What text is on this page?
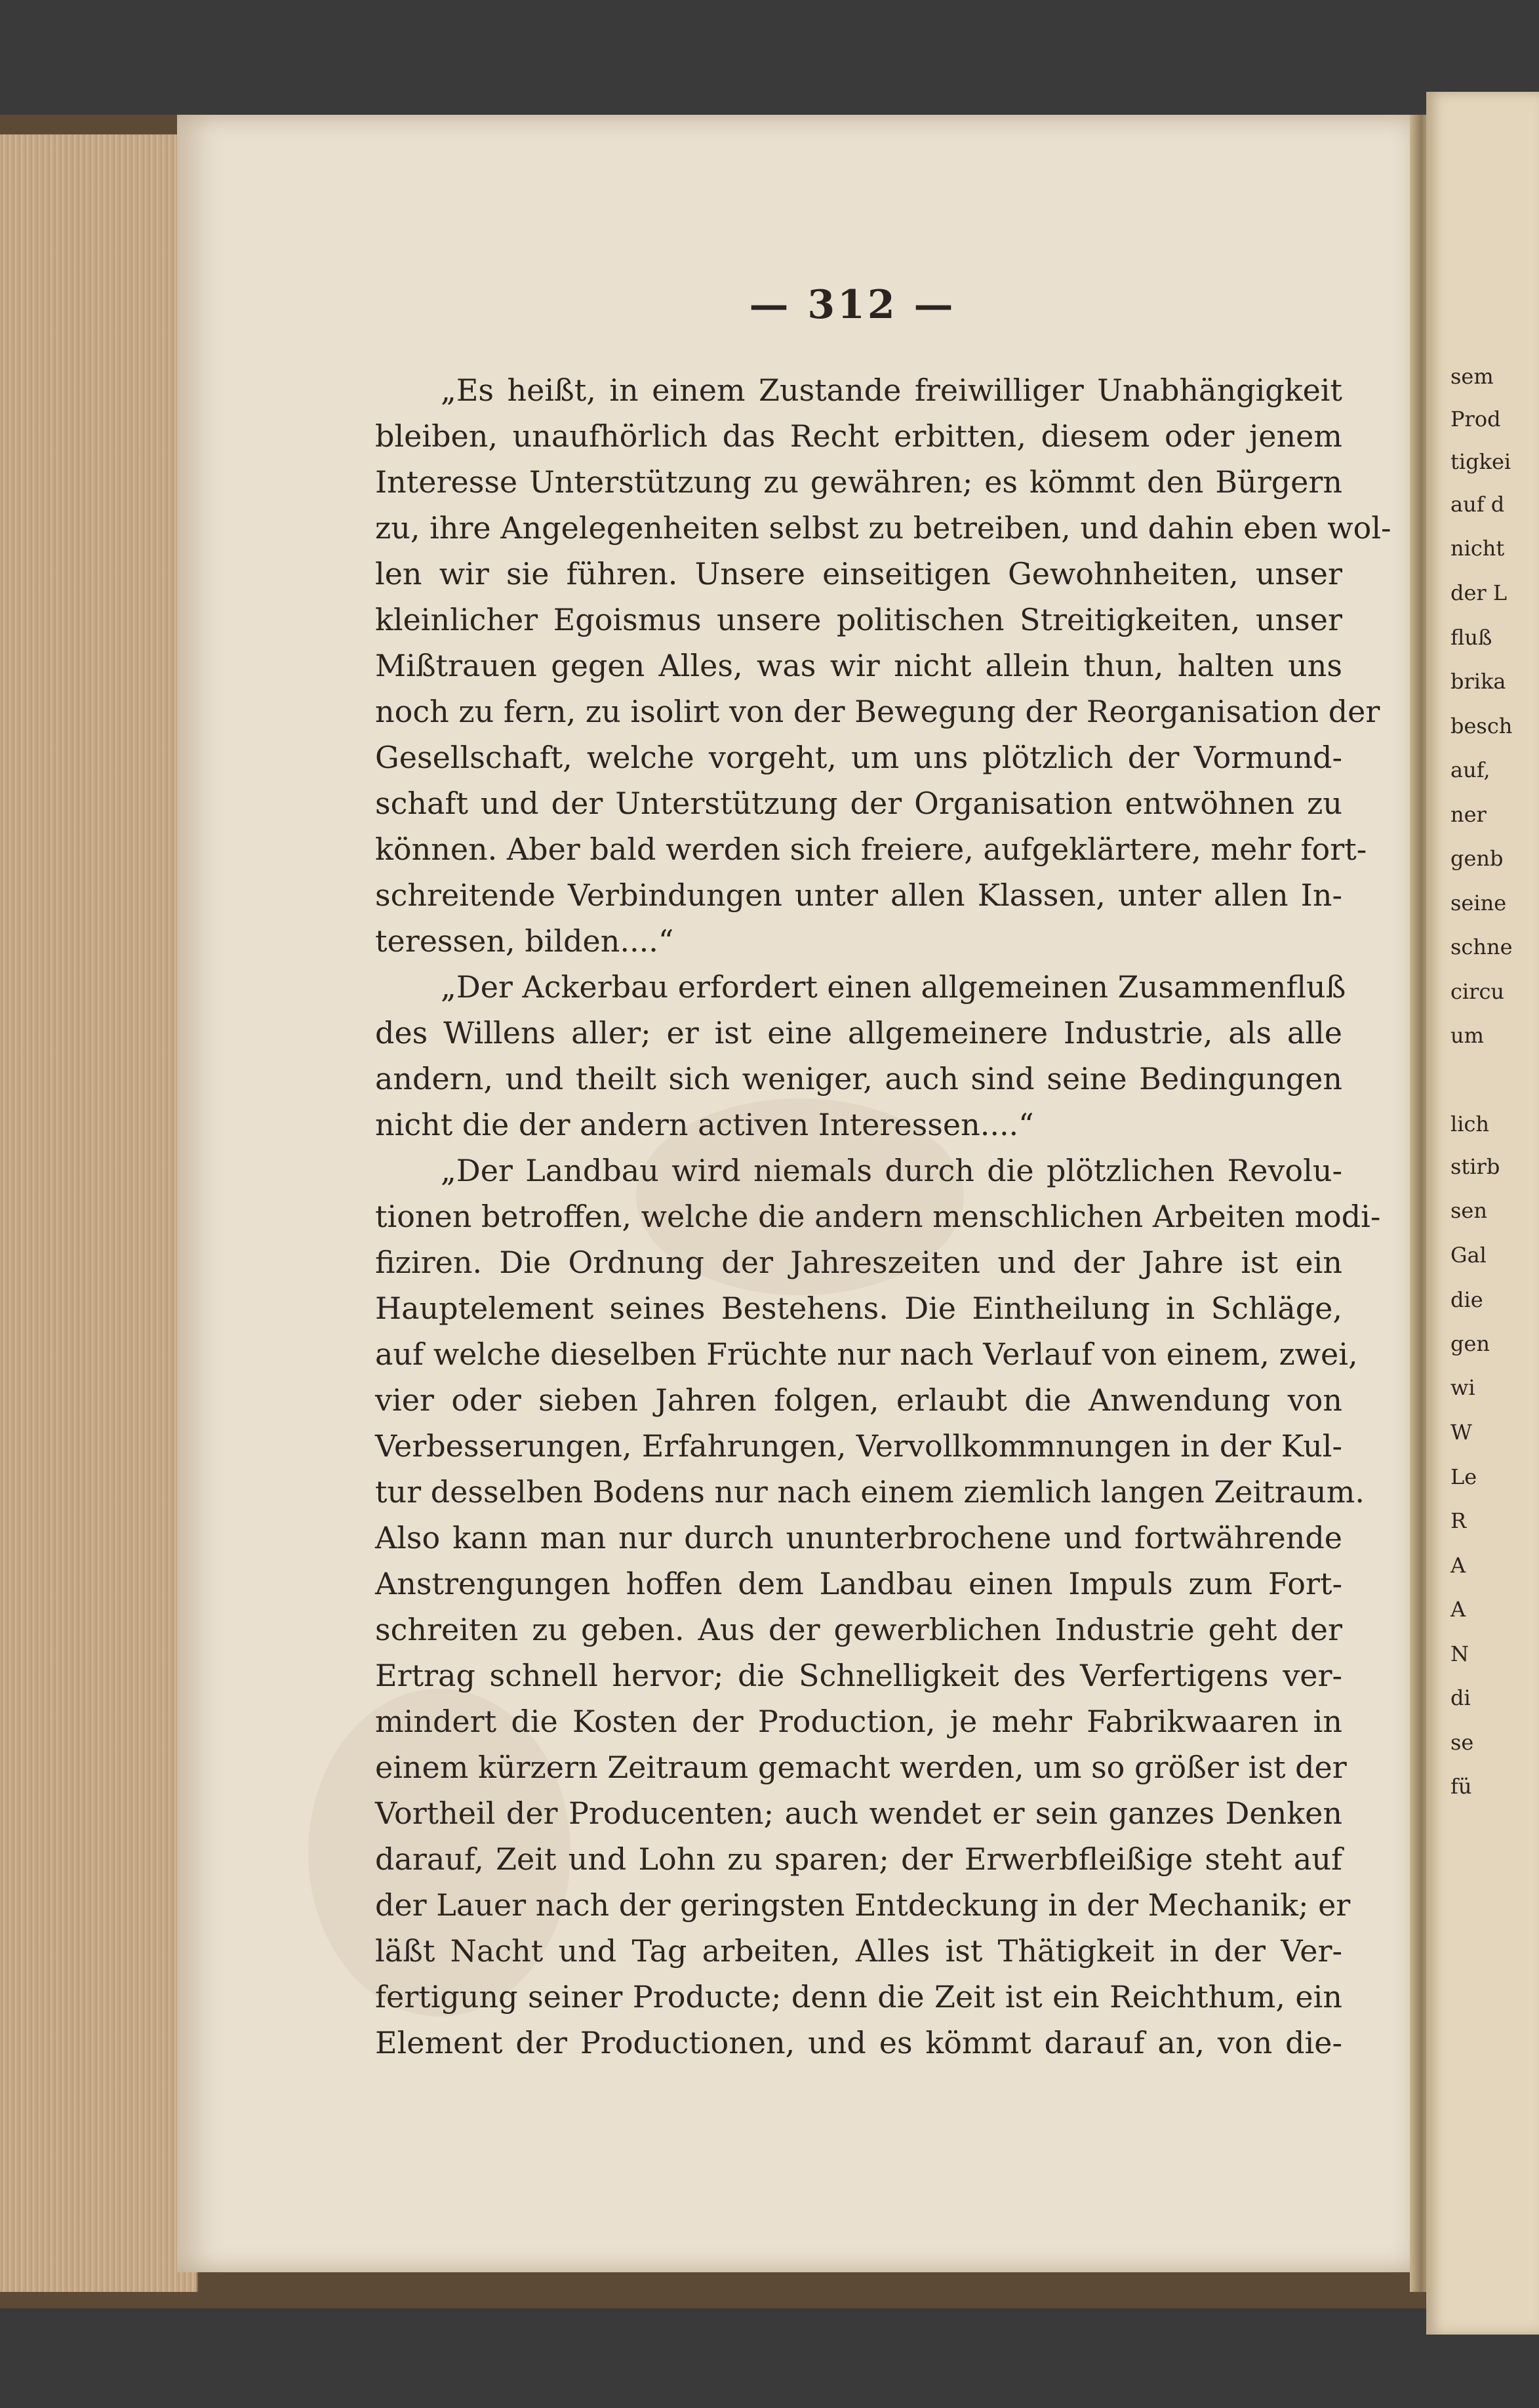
— 312 —
„Es heißt, in einem Zustande freiwilliger Unabhängigkeit
bleiben, unaufhörlich das Recht erbitten, diesem oder jenem
Interesse Unterstützung zu gewähren; es kömmt den Bürgern
zu, ihre Angelegenheiten selbst zu betreiben, und dahin eben wol-
len wir sie führen. Unsere einseitigen Gewohnheiten, unser
kleinlicher Egoismus unsere politischen Streitigkeiten, unser
Mißtrauen gegen Alles, was wir nicht allein thun, halten uns
noch zu fern, zu isolirt von der Bewegung der Reorganisation der
Gesellschaft, welche vorgeht, um uns plötzlich der Vormund-
schaft und der Unterstützung der Organisation entwöhnen zu
können. Aber bald werden sich freiere, aufgeklärtere, mehr fort-
schreitende Verbindungen unter allen Klassen, unter allen In-
teressen, bilden....“
„Der Ackerbau erfordert einen allgemeinen Zusammenfluß
des Willens aller; er ist eine allgemeinere Industrie, als alle
andern, und theilt sich weniger, auch sind seine Bedingungen
nicht die der andern activen Interessen....“
„Der Landbau wird niemals durch die plötzlichen Revolu-
tionen betroffen, welche die andern menschlichen Arbeiten modi-
fiziren. Die Ordnung der Jahreszeiten und der Jahre ist ein
Hauptelement seines Bestehens. Die Eintheilung in Schläge,
auf welche dieselben Früchte nur nach Verlauf von einem, zwei,
vier oder sieben Jahren folgen, erlaubt die Anwendung von
Verbesserungen, Erfahrungen, Vervollkommnungen in der Kul-
tur desselben Bodens nur nach einem ziemlich langen Zeitraum.
Also kann man nur durch ununterbrochene und fortwährende
Anstrengungen hoffen dem Landbau einen Impuls zum Fort-
schreiten zu geben. Aus der gewerblichen Industrie geht der
Ertrag schnell hervor; die Schnelligkeit des Verfertigens ver-
mindert die Kosten der Production, je mehr Fabrikwaaren in
einem kürzern Zeitraum gemacht werden, um so größer ist der
Vortheil der Producenten; auch wendet er sein ganzes Denken
darauf, Zeit und Lohn zu sparen; der Erwerbfleißige steht auf
der Lauer nach der geringsten Entdeckung in der Mechanik; er
läßt Nacht und Tag arbeiten, Alles ist Thätigkeit in der Ver-
fertigung seiner Producte; denn die Zeit ist ein Reichthum, ein
Element der Productionen, und es kömmt darauf an, von die-
sem
Prod
tigkei
auf d
nicht
der L
fluß
brika
besch
auf,
ner
genb
seine
schne
circu
um
lich
stirb
sen
Gal
die
gen
wi
W
Le
R
A
A
N
di
se
fü
